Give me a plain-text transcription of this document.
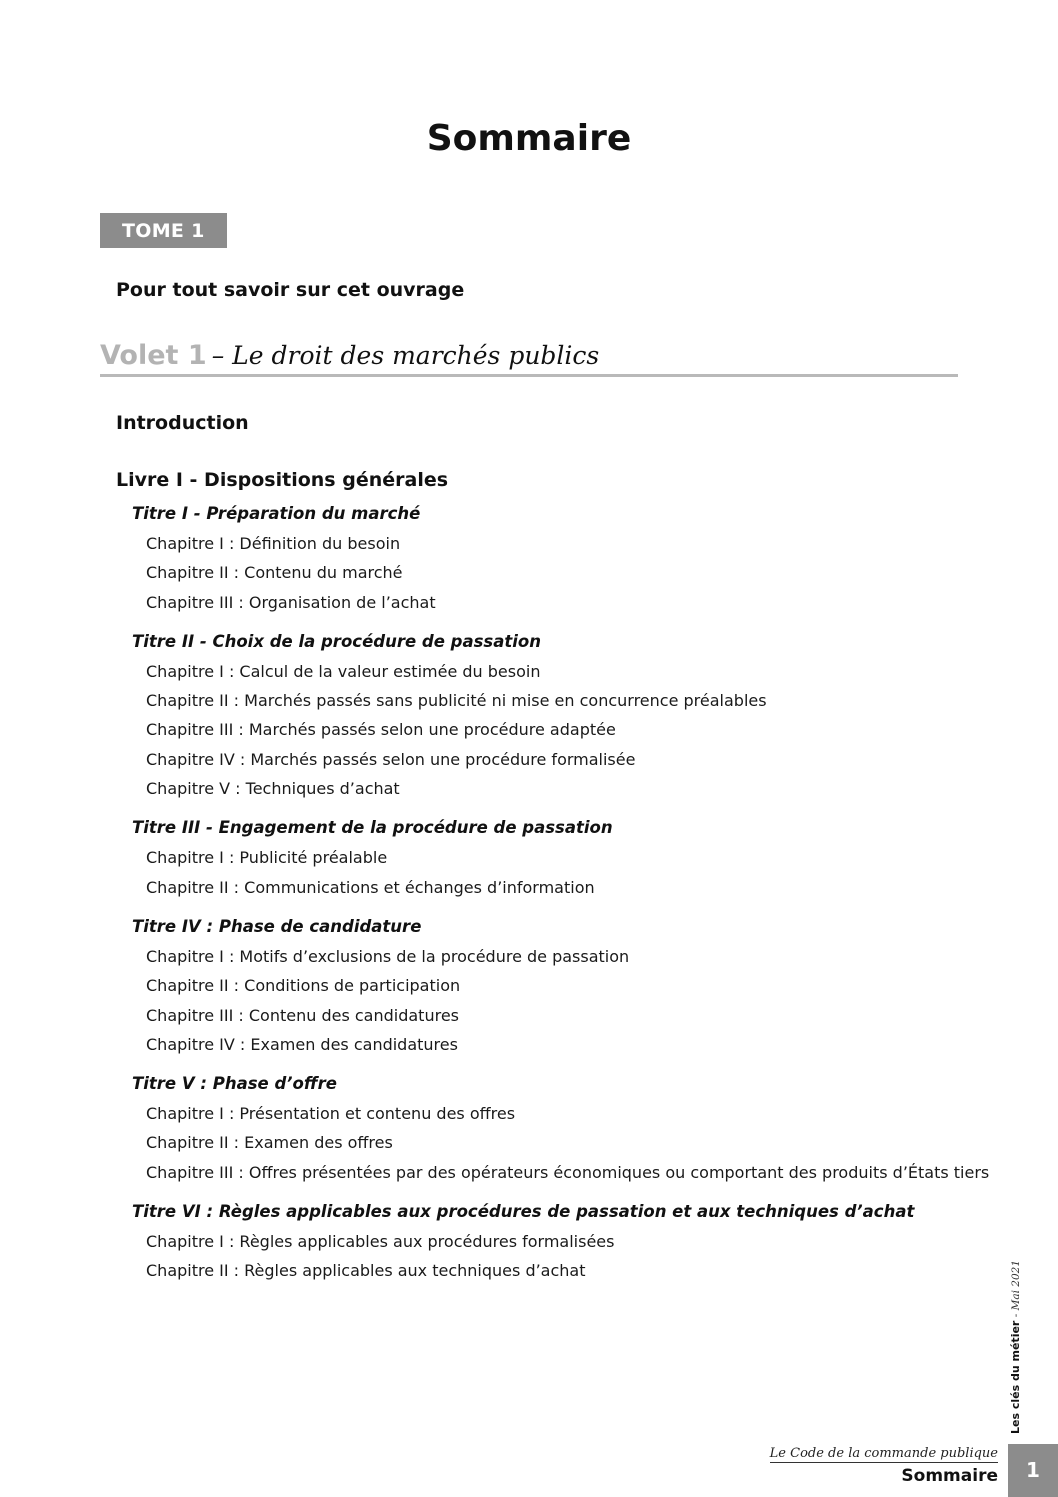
Sommaire
TOME 1
Pour tout savoir sur cet ouvrage
Volet 1 – Le droit des marchés publics
Introduction
Livre I - Dispositions générales
Titre I - Préparation du marché
Chapitre I : Définition du besoin
Chapitre II : Contenu du marché
Chapitre III : Organisation de l’achat
Titre II - Choix de la procédure de passation
Chapitre I : Calcul de la valeur estimée du besoin
Chapitre II : Marchés passés sans publicité ni mise en concurrence préalables
Chapitre III : Marchés passés selon une procédure adaptée
Chapitre IV : Marchés passés selon une procédure formalisée
Chapitre V : Techniques d’achat
Titre III - Engagement de la procédure de passation
Chapitre I : Publicité préalable
Chapitre II : Communications et échanges d’information
Titre IV : Phase de candidature
Chapitre I : Motifs d’exclusions de la procédure de passation
Chapitre II : Conditions de participation
Chapitre III : Contenu des candidatures
Chapitre IV : Examen des candidatures
Titre V : Phase d’offre
Chapitre I : Présentation et contenu des offres
Chapitre II : Examen des offres
Chapitre III : Offres présentées par des opérateurs économiques ou comportant des produits d’États tiers
Titre VI : Règles applicables aux procédures de passation et aux techniques d’achat
Chapitre I : Règles applicables aux procédures formalisées
Chapitre II : Règles applicables aux techniques d’achat
Les clés du métier - Mai 2021
Le Code de la commande publique
Sommaire	1
